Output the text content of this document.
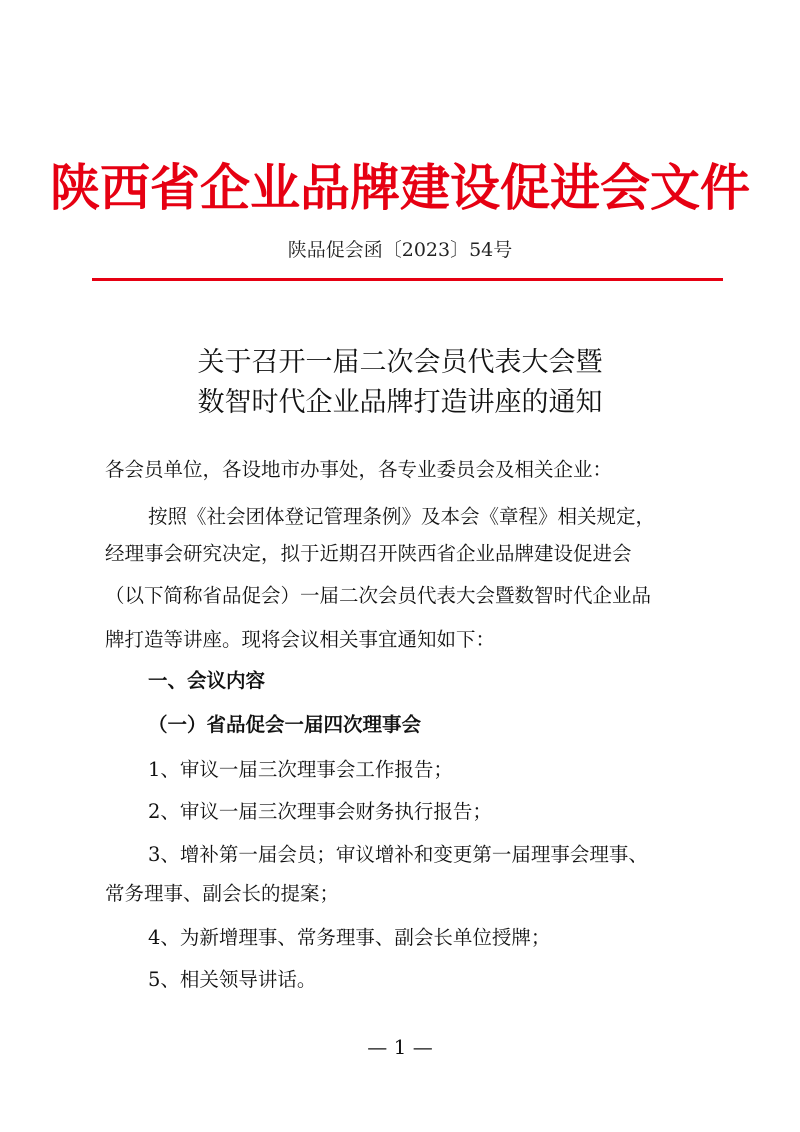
陕西省企业品牌建设促进会文件
陕品促会函〔2023〕54号
关于召开一届二次会员代表大会暨
数智时代企业品牌打造讲座的通知
各会员单位，各设地市办事处，各专业委员会及相关企业：
按照《社会团体登记管理条例》及本会《章程》相关规定，
经理事会研究决定，拟于近期召开陕西省企业品牌建设促进会
（以下简称省品促会）一届二次会员代表大会暨数智时代企业品
牌打造等讲座。现将会议相关事宜通知如下：
一、会议内容
（一）省品促会一届四次理事会
1、审议一届三次理事会工作报告；
2、审议一届三次理事会财务执行报告；
3、增补第一届会员；审议增补和变更第一届理事会理事、
常务理事、副会长的提案；
4、为新增理事、常务理事、副会长单位授牌；
5、相关领导讲话。
— 1 —
